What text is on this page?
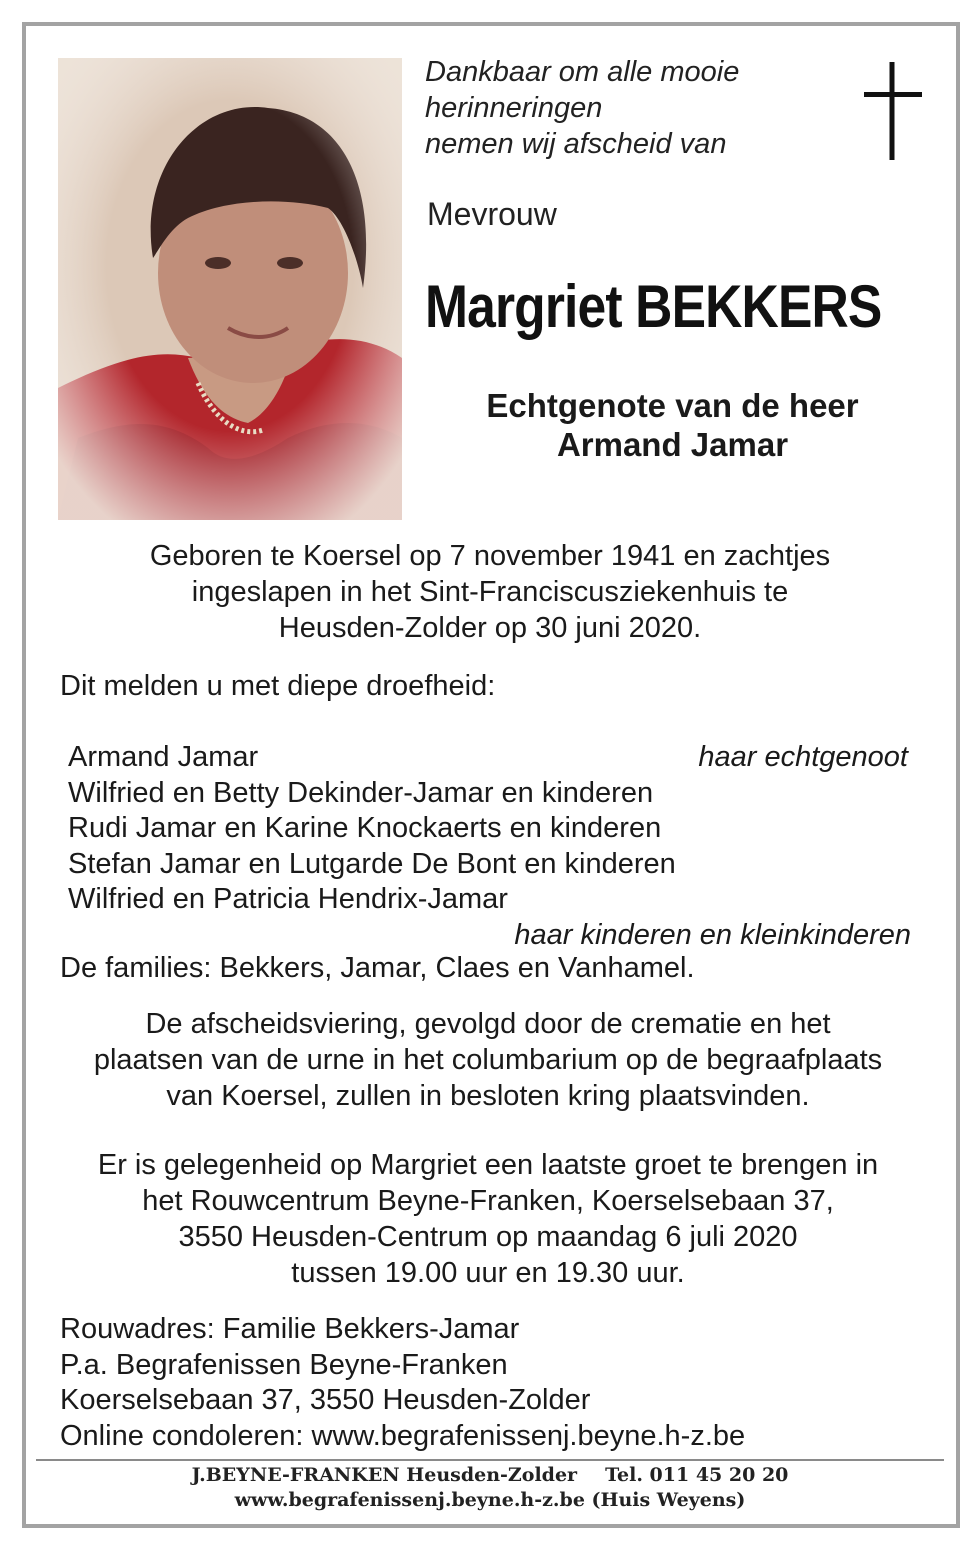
Dankbaar om alle mooie
herinneringen
nemen wij afscheid van
Mevrouw
Margriet BEKKERS
Echtgenote van de heer
Armand Jamar
Geboren te Koersel op 7 november 1941 en zachtjes
ingeslapen in het Sint-Franciscusziekenhuis te
Heusden-Zolder op 30 juni 2020.
Dit melden u met diepe droefheid:
Armand Jamar	haar echtgenoot
Wilfried en Betty Dekinder-Jamar en kinderen
Rudi Jamar en Karine Knockaerts en kinderen
Stefan Jamar en Lutgarde De Bont en kinderen
Wilfried en Patricia Hendrix-Jamar
haar kinderen en kleinkinderen
De families: Bekkers, Jamar, Claes en Vanhamel.
De afscheidsviering, gevolgd door de crematie en het
plaatsen van de urne in het columbarium op de begraafplaats
van Koersel, zullen in besloten kring plaatsvinden.
Er is gelegenheid op Margriet een laatste groet te brengen in
het Rouwcentrum Beyne-Franken, Koerselsebaan 37,
3550 Heusden-Centrum op maandag 6 juli 2020
tussen 19.00 uur en 19.30 uur.
Rouwadres: Familie Bekkers-Jamar
P.a. Begrafenissen Beyne-Franken
Koerselsebaan 37, 3550 Heusden-Zolder
Online condoleren: www.begrafenissenj.beyne.h-z.be
J.BEYNE-FRANKEN Heusden-Zolder Tel. 011 45 20 20
www.begrafenissenj.beyne.h-z.be (Huis Weyens)
